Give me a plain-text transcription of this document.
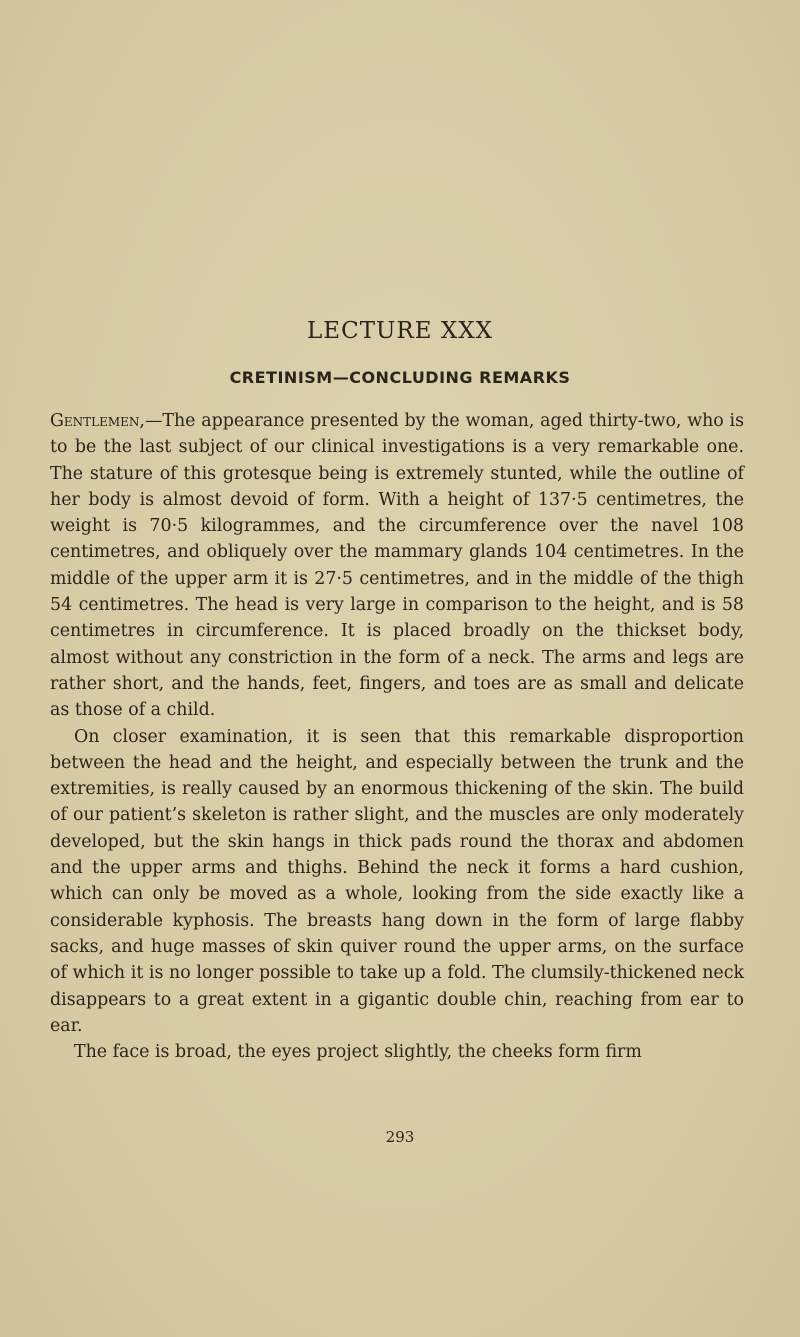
LECTURE XXX
CRETINISM—CONCLUDING REMARKS

Gentlemen,—The appearance presented by the woman, aged thirty-two, who is to be the last subject of our clinical investigations is a very remarkable one. The stature of this grotesque being is extremely stunted, while the outline of her body is almost devoid of form. With a height of 137·5 centimetres, the weight is 70·5 kilogrammes, and the circumference over the navel 108 centimetres, and obliquely over the mammary glands 104 centimetres. In the middle of the upper arm it is 27·5 centimetres, and in the middle of the thigh 54 centimetres. The head is very large in comparison to the height, and is 58 centimetres in circumference. It is placed broadly on the thickset body, almost without any constriction in the form of a neck. The arms and legs are rather short, and the hands, feet, fingers, and toes are as small and delicate as those of a child.

On closer examination, it is seen that this remarkable disproportion between the head and the height, and especially between the trunk and the extremities, is really caused by an enormous thickening of the skin. The build of our patient’s skeleton is rather slight, and the muscles are only moderately developed, but the skin hangs in thick pads round the thorax and abdomen and the upper arms and thighs. Behind the neck it forms a hard cushion, which can only be moved as a whole, looking from the side exactly like a considerable kyphosis. The breasts hang down in the form of large flabby sacks, and huge masses of skin quiver round the upper arms, on the surface of which it is no longer possible to take up a fold. The clumsily-thickened neck disappears to a great extent in a gigantic double chin, reaching from ear to ear.

The face is broad, the eyes project slightly, the cheeks form firm

293
